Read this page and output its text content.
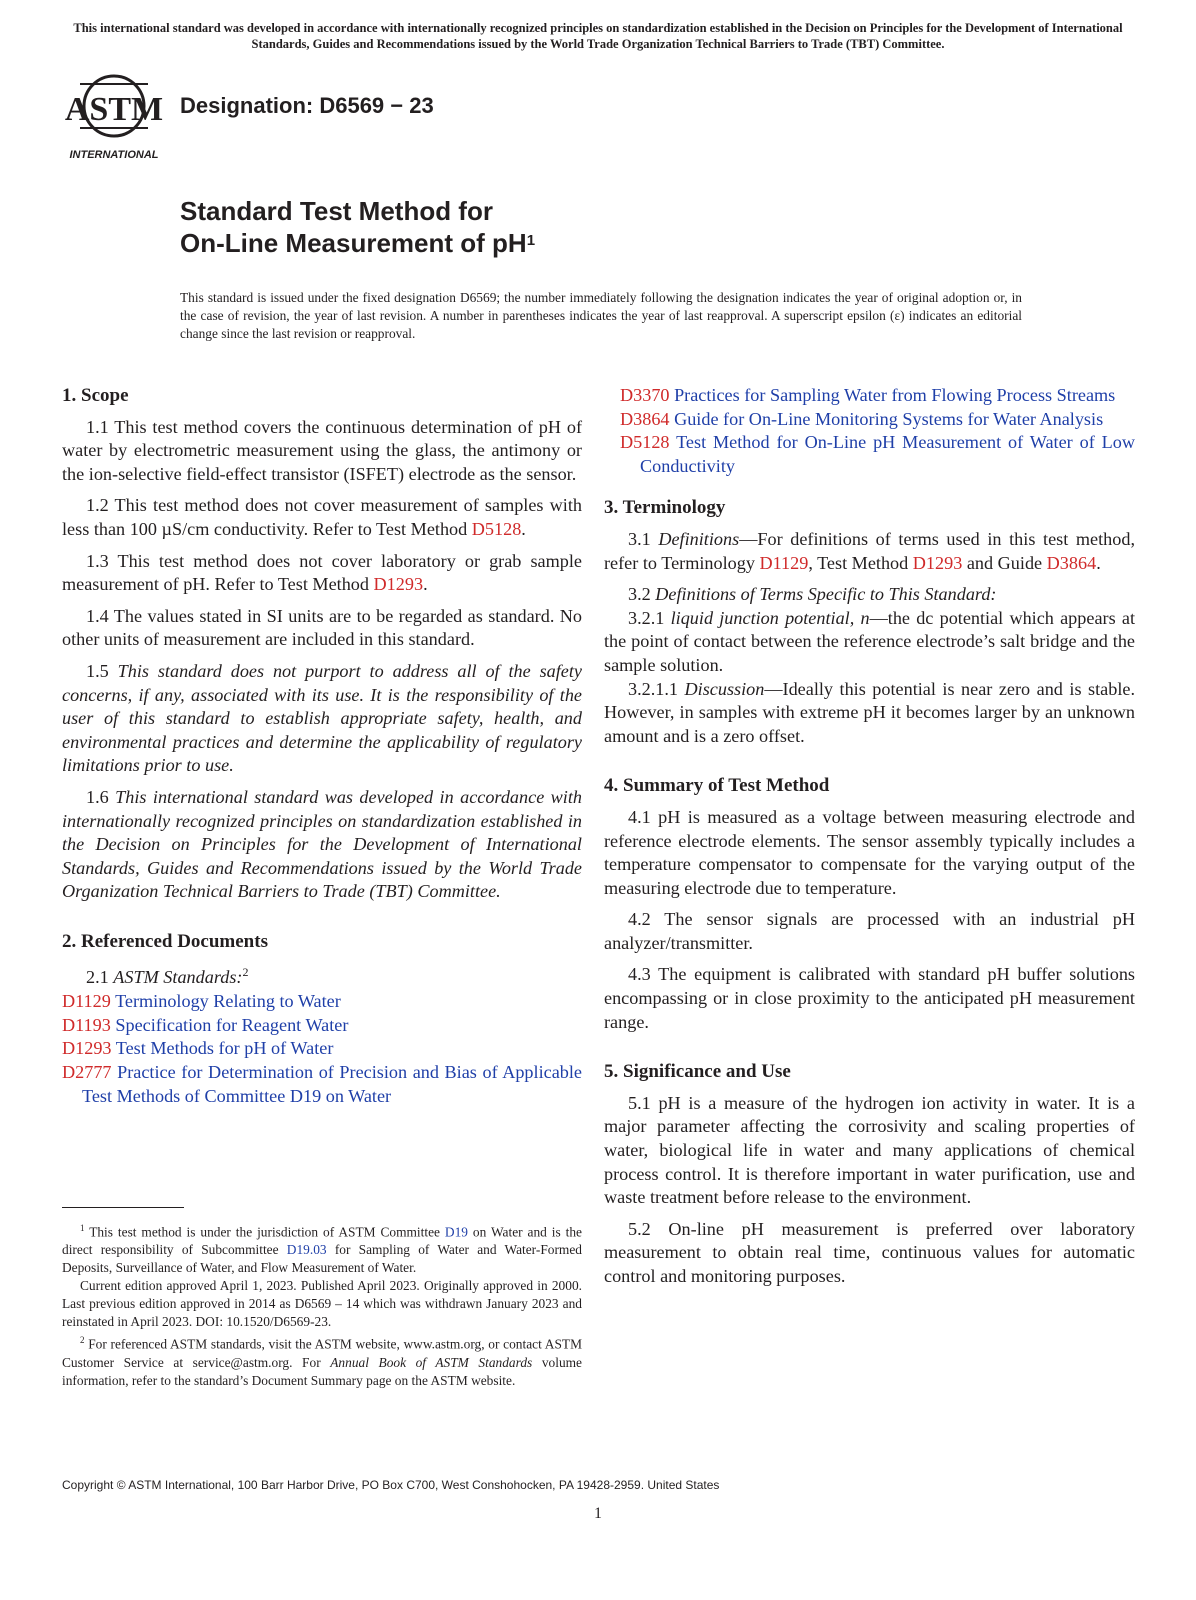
This international standard was developed in accordance with internationally recognized principles on standardization established in the Decision on Principles for the Development of International Standards, Guides and Recommendations issued by the World Trade Organization Technical Barriers to Trade (TBT) Committee.
ASTM
INTERNATIONAL
Designation: D6569 − 23
Standard Test Method for
On-Line Measurement of $pH^1$
This standard is issued under the fixed designation D6569; the number immediately following the designation indicates the year of original adoption or, in the case of revision, the year of last revision. A number in parentheses indicates the year of last reapproval. A superscript epsilon (ε) indicates an editorial change since the last revision or reapproval.
1. Scope
1.1 This test method covers the continuous determination of pH of water by electrometric measurement using the glass, the antimony or the ion-selective field-effect transistor (ISFET) electrode as the sensor.
1.2 This test method does not cover measurement of samples with less than 100 µS/cm conductivity. Refer to Test Method D5128.
1.3 This test method does not cover laboratory or grab sample measurement of pH. Refer to Test Method D1293.
1.4 The values stated in SI units are to be regarded as standard. No other units of measurement are included in this standard.
1.5 This standard does not purport to address all of the safety concerns, if any, associated with its use. It is the responsibility of the user of this standard to establish appropriate safety, health, and environmental practices and determine the applicability of regulatory limitations prior to use.
1.6 This international standard was developed in accordance with internationally recognized principles on standardization established in the Decision on Principles for the Development of International Standards, Guides and Recommendations issued by the World Trade Organization Technical Barriers to Trade (TBT) Committee.
2. Referenced Documents
2.1 ASTM Standards:$^2$
D1129 Terminology Relating to Water
D1193 Specification for Reagent Water
D1293 Test Methods for pH of Water
D2777 Practice for Determination of Precision and Bias of Applicable Test Methods of Committee D19 on Water

$^1$ This test method is under the jurisdiction of ASTM Committee D19 on Water and is the direct responsibility of Subcommittee D19.03 for Sampling of Water and Water-Formed Deposits, Surveillance of Water, and Flow Measurement of Water.

Current edition approved April 1, 2023. Published April 2023. Originally approved in 2000. Last previous edition approved in 2014 as D6569 – 14 which was withdrawn January 2023 and reinstated in April 2023. DOI: 10.1520/D6569-23.

$^2$ For referenced ASTM standards, visit the ASTM website, www.astm.org, or contact ASTM Customer Service at service@astm.org. For Annual Book of ASTM Standards volume information, refer to the standard’s Document Summary page on the ASTM website.

D3370 Practices for Sampling Water from Flowing Process Streams
D3864 Guide for On-Line Monitoring Systems for Water Analysis
D5128 Test Method for On-Line pH Measurement of Water of Low Conductivity
3. Terminology
3.1 Definitions—For definitions of terms used in this test method, refer to Terminology D1129, Test Method D1293 and Guide D3864.
3.2 Definitions of Terms Specific to This Standard:
3.2.1 liquid junction potential, n—the dc potential which appears at the point of contact between the reference electrode’s salt bridge and the sample solution.
3.2.1.1 Discussion—Ideally this potential is near zero and is stable. However, in samples with extreme pH it becomes larger by an unknown amount and is a zero offset.
4. Summary of Test Method
4.1 pH is measured as a voltage between measuring electrode and reference electrode elements. The sensor assembly typically includes a temperature compensator to compensate for the varying output of the measuring electrode due to temperature.
4.2 The sensor signals are processed with an industrial pH analyzer/transmitter.
4.3 The equipment is calibrated with standard pH buffer solutions encompassing or in close proximity to the anticipated pH measurement range.
5. Significance and Use
5.1 pH is a measure of the hydrogen ion activity in water. It is a major parameter affecting the corrosivity and scaling properties of water, biological life in water and many applications of chemical process control. It is therefore important in water purification, use and waste treatment before release to the environment.
5.2 On-line pH measurement is preferred over laboratory measurement to obtain real time, continuous values for automatic control and monitoring purposes.
Copyright © ASTM International, 100 Barr Harbor Drive, PO Box C700, West Conshohocken, PA 19428-2959. United States
1
